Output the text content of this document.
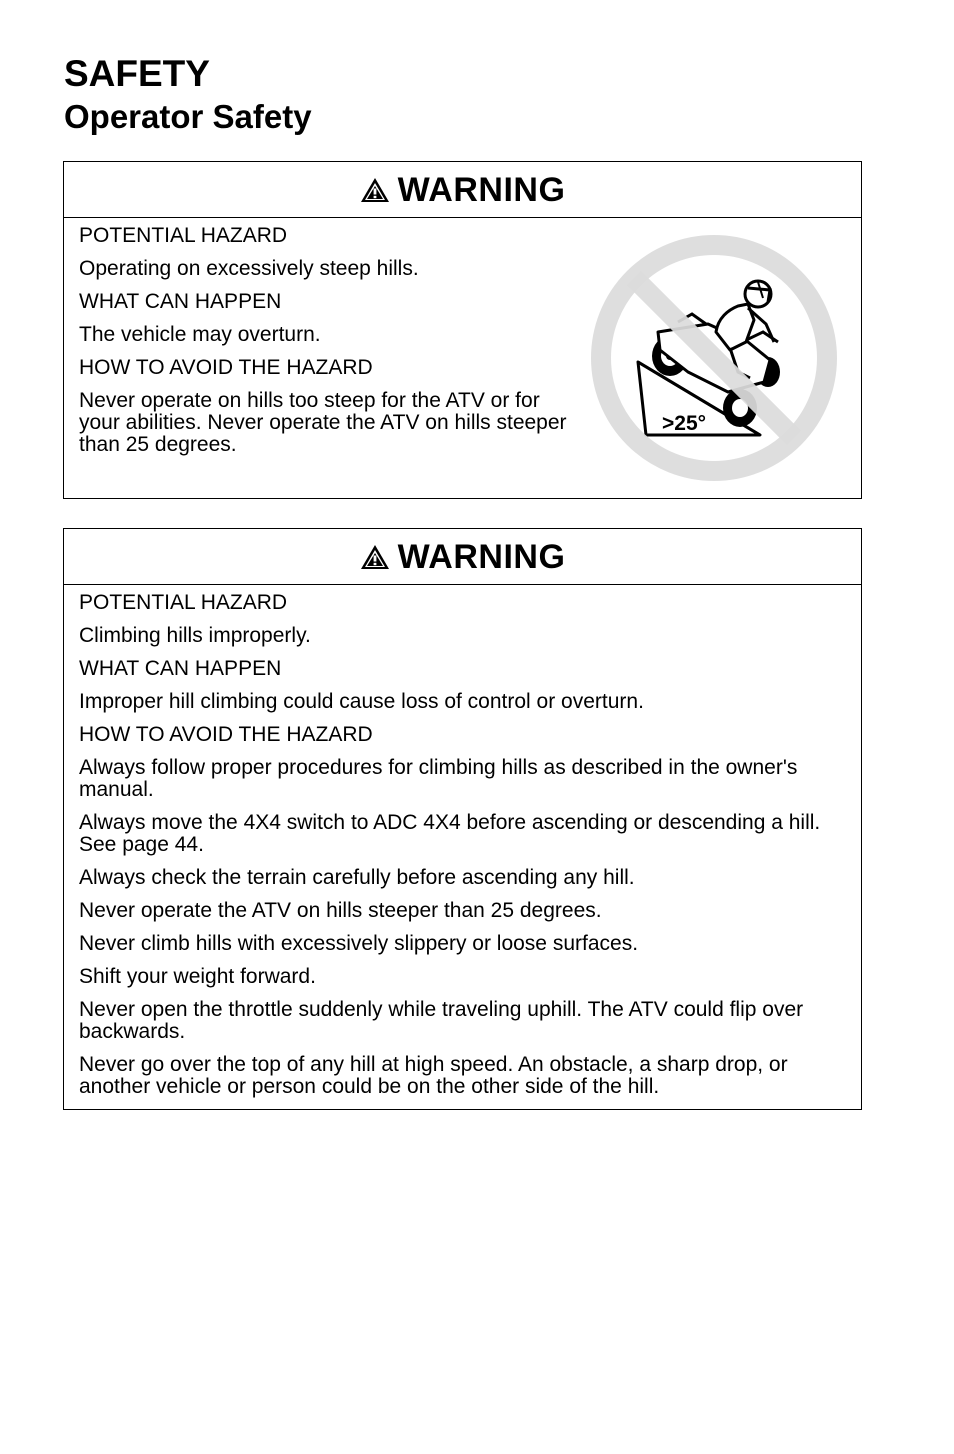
SAFETY
Operator Safety
WARNING

POTENTIAL HAZARD

Operating on excessively steep hills.

WHAT CAN HAPPEN

The vehicle may overturn.

HOW TO AVOID THE HAZARD

Never operate on hills too steep for the ATV or for your abilities. Never operate the ATV on hills steeper than 25 degrees.

>25°
WARNING

POTENTIAL HAZARD

Climbing hills improperly.

WHAT CAN HAPPEN

Improper hill climbing could cause loss of control or overturn.

HOW TO AVOID THE HAZARD

Always follow proper procedures for climbing hills as described in the owner's manual.

Always move the 4X4 switch to ADC 4X4 before ascending or descending a hill. See page 44.

Always check the terrain carefully before ascending any hill.

Never operate the ATV on hills steeper than 25 degrees.

Never climb hills with excessively slippery or loose surfaces.

Shift your weight forward.

Never open the throttle suddenly while traveling uphill. The ATV could flip over backwards.

Never go over the top of any hill at high speed. An obstacle, a sharp drop, or another vehicle or person could be on the other side of the hill.
